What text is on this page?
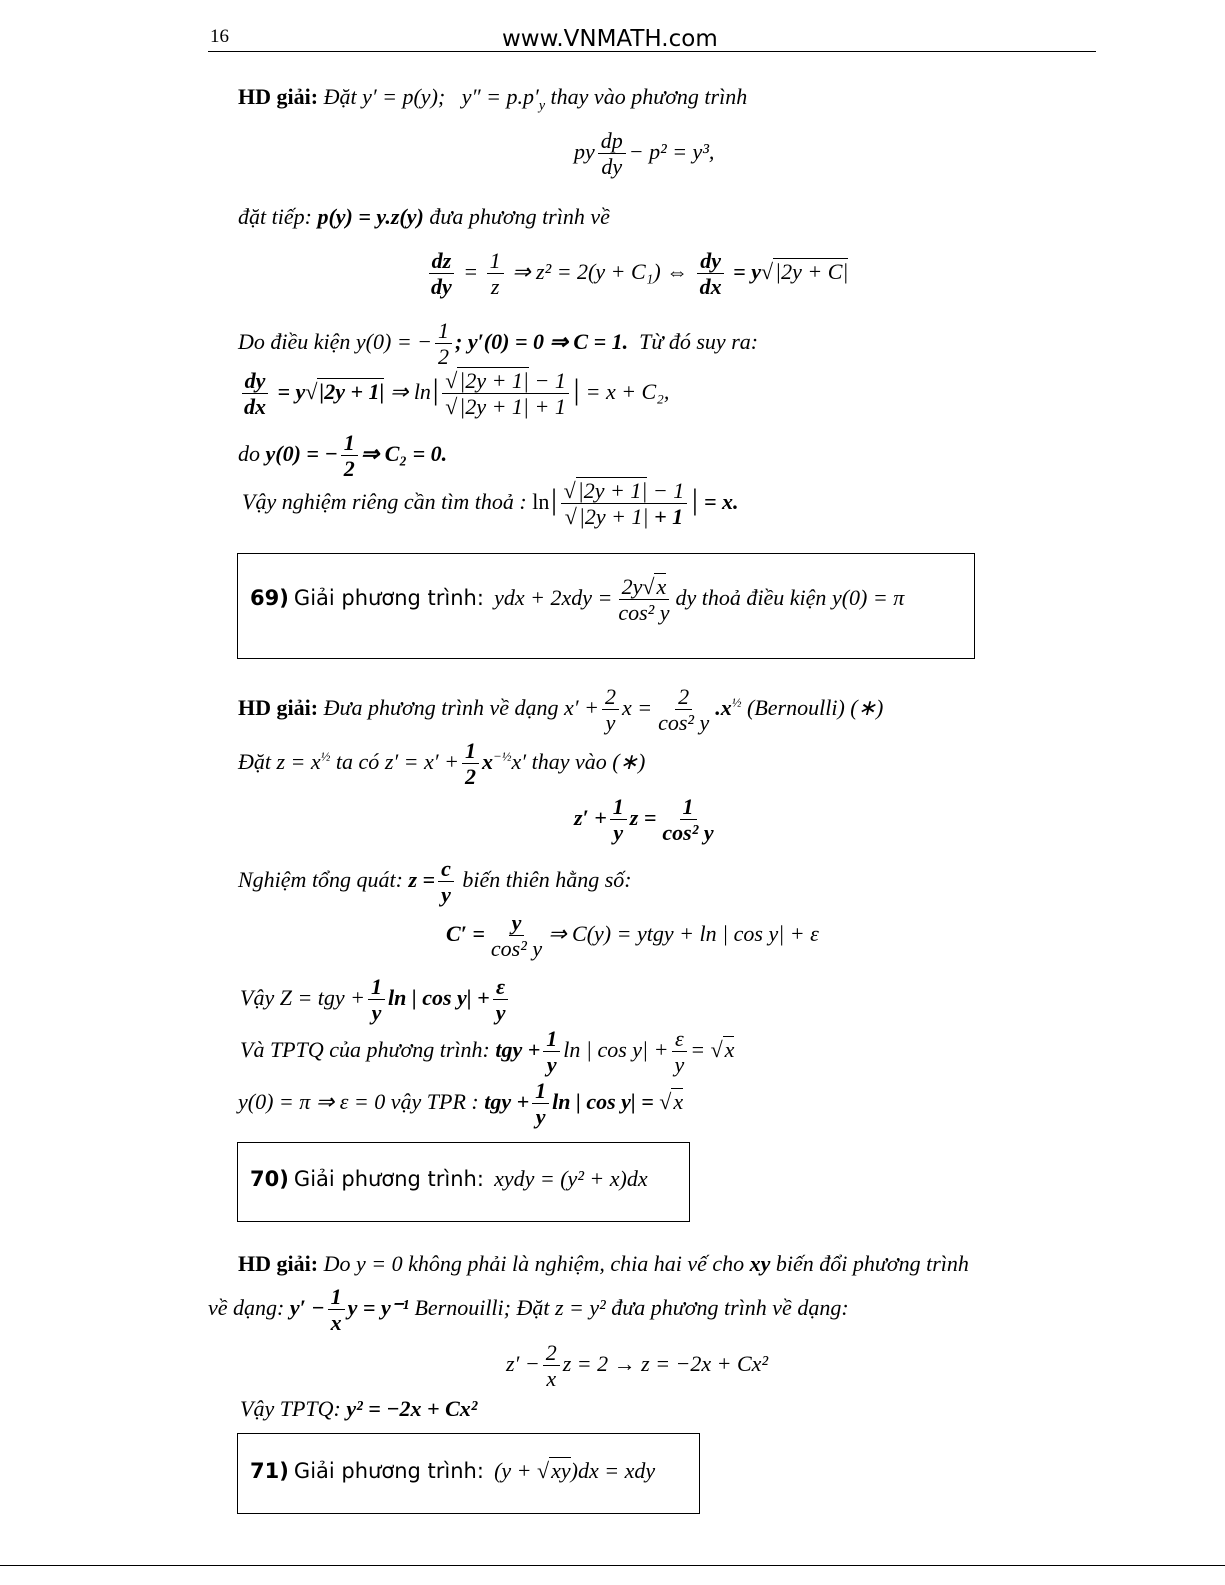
16	www.VNMATH.com
HD giải: Đặt y′ = p(y); $y'' = p.p'_y$ thay vào phương trình
py $\frac{dp}{dy} - p^2 = y^3$,
đặt tiếp: p(y) = y.z(y) đưa phương trình về
$\frac{dz}{dy} = \frac{1}{z}$ ⇒ z² = 2(y + C₁) ⇔ $\frac{dy}{dx} = y√|2y + C|$
Do điều kiện y(0) = − $\frac{1}{2}$ ; y′(0) = 0 ⇒ C = 1. Từ đó suy ra:
$\frac{dy}{dx} = y√|2y + 1|$ ⇒ $\ln| \frac{√|2y + 1| - 1}{√|2y + 1| + 1}$ | = x + C₂,
do y(0) = − $\frac{1}{2}$ ⇒ C₂ = 0.
Vậy nghiệm riêng cần tìm thoả : $\ln| \frac{√|2y + 1| - 1}{√|2y + 1| + 1}$ | = x.
69) Giải phương trình: ydx + $2xdy = \frac{2y√x}{\text{cos² y}}$ dy thoả điều kiện y(0) = π
HD giải: Đưa phương trình về dạng $x' + \frac{2}{y}$ $x = \frac{2}{\text{cos² y}} .x^{\frac{1}{2}}$ (Bernoulli) (∗)
Đặt $z = x^{\frac{1}{2}}$ ta có $z' = x' + \frac{1}{2} x^{-\frac{1}{2}}x'$ thay vào (∗)
$z' + \frac{1}{y}$ $z = \frac{1}{\text{cos² y}}$
Nghiệm tổng quát: $z = \frac{c}{y}$ biến thiên hằng số:
$C' = \frac{y}{\text{cos² y}}$ ⇒ C(y) = ytgy + ln | cos y| + ε
Vậy Z = tgy + $\frac{1}{y}$ ln | $\cos y| + \frac{\varepsilon}{y}$
Và TPTQ của phương trình: tgy + $\frac{1}{y}$ ln | $\cos y| + \frac{\varepsilon}{y} = √x$
y(0) = π ⇒ ε = 0 vậy TPR : tgy + $\frac{1}{y}$ ln | cos y| = √x
70) Giải phương trình: xydy = (y² + x)dx
HD giải: Do y = 0 không phải là nghiệm, chia hai vế cho xy biến đổi phương trình
về dạng: $y' - \frac{1}{x}$ y = y⁻¹ Bernouilli; Đặt z = y² đưa phương trình về dạng:
$z' - \frac{2}{x}$ z = 2 → z = −2x + Cx²
Vậy TPTQ: y² = −2x + Cx²
71) Giải phương trình: (y + √xy)dx = xdy
